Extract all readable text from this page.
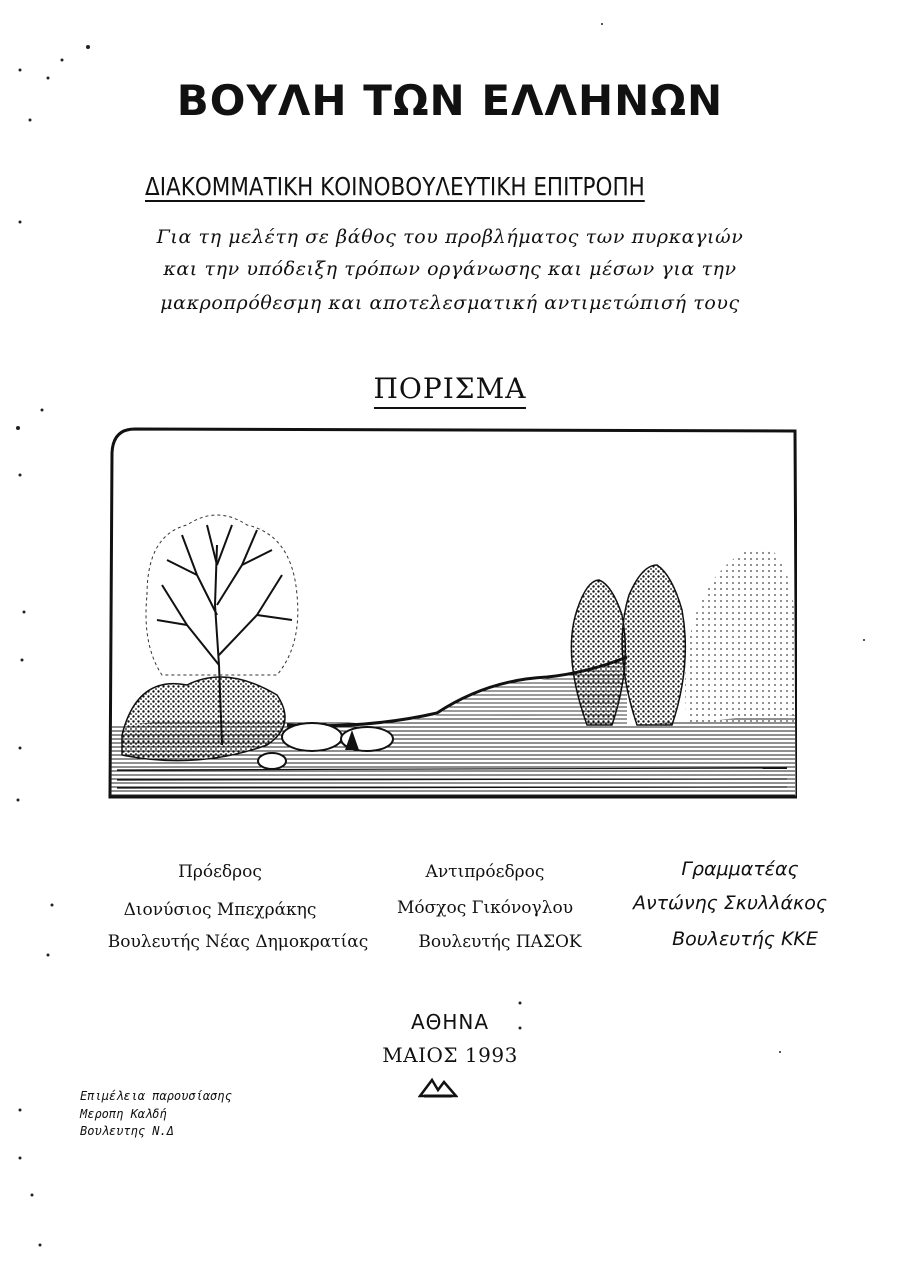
ΒΟΥΛΗ ΤΩΝ ΕΛΛΗΝΩΝ
ΔΙΑΚΟΜΜΑΤΙΚΗ ΚΟΙΝΟΒΟΥΛΕΥΤΙΚΗ ΕΠΙΤΡΟΠΗ
Για τη μελέτη σε βάθος του προβλήματος των πυρκαγιών
και την υπόδειξη τρόπων οργάνωσης και μέσων για την
μακροπρόθεσμη και αποτελεσματική αντιμετώπισή τους
ΠΟΡΙΣΜΑ
Πρόεδρος
Διονύσιος Μπεχράκης
Βουλευτής Νέας Δημοκρατίας
Αντιπρόεδρος
Μόσχος Γικόνογλου
Βουλευτής ΠΑΣΟΚ
Γραμματέας
Αντώνης Σκυλλάκος
Βουλευτής ΚΚΕ
ΑΘΗΝΑ
ΜΑΙΟΣ 1993
Επιμέλεια παρουσίασης
Μεροπη Καλδή
Βουλευτης Ν.Δ
